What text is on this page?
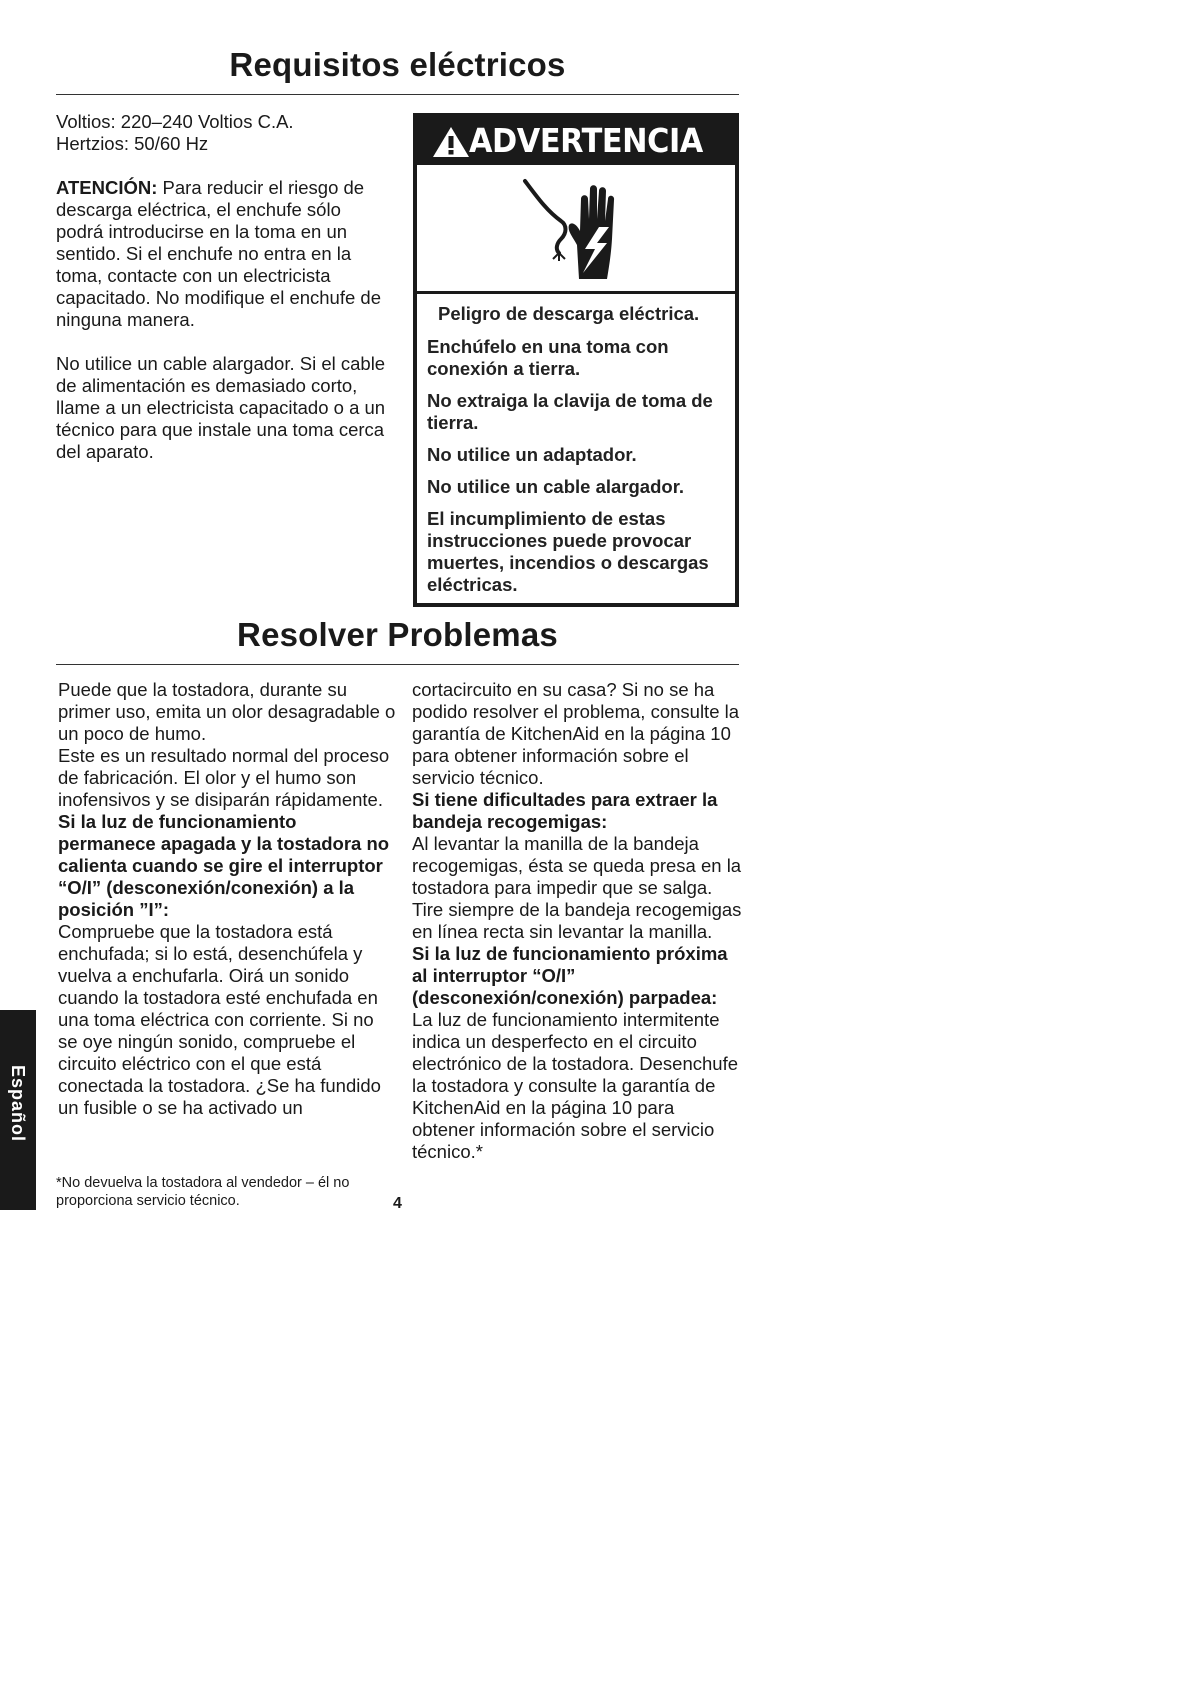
Requisitos eléctricos

Voltios: 220–240 Voltios C.A.

Hertzios: 50/60 Hz

ATENCIÓN: Para reducir el riesgo de descarga eléctrica, el enchufe sólo podrá introducirse en la toma en un sentido. Si el enchufe no entra en la toma, contacte con un electricista capacitado. No modifique el enchufe de ninguna manera.

No utilice un cable alargador. Si el cable de alimentación es demasiado corto, llame a un electricista capacitado o a un técnico para que instale una toma cerca del aparato.

ADVERTENCIA

Peligro de descarga eléctrica.

Enchúfelo en una toma con conexión a tierra.

No extraiga la clavija de toma de tierra.

No utilice un adaptador.

No utilice un cable alargador.

El incumplimiento de estas instrucciones puede provocar muertes, incendios o descargas eléctricas.

Resolver Problemas

Puede que la tostadora, durante su primer uso, emita un olor desagradable o un poco de humo.

Este es un resultado normal del proceso de fabricación. El olor y el humo son inofensivos y se disiparán rápidamente.

Si la luz de funcionamiento permanece apagada y la tostadora no calienta cuando se gire el interruptor “O/I” (desconexión/conexión) a la posición ”I”:

Compruebe que la tostadora está enchufada; si lo está, desenchúfela y vuelva a enchufarla. Oirá un sonido cuando la tostadora esté enchufada en una toma eléctrica con corriente. Si no se oye ningún sonido, compruebe el circuito eléctrico con el que está conectada la tostadora. ¿Se ha fundido un fusible o se ha activado un

cortacircuito en su casa? Si no se ha podido resolver el problema, consulte la garantía de KitchenAid en la página 10 para obtener información sobre el servicio técnico.

Si tiene dificultades para extraer la bandeja recogemigas:

Al levantar la manilla de la bandeja recogemigas, ésta se queda presa en la tostadora para impedir que se salga. Tire siempre de la bandeja recogemigas en línea recta sin levantar la manilla.

Si la luz de funcionamiento próxima al interruptor “O/I” (desconexión/conexión) parpadea:

La luz de funcionamiento intermitente indica un desperfecto en el circuito electrónico de la tostadora. Desenchufe la tostadora y consulte la garantía de KitchenAid en la página 10 para obtener información sobre el servicio técnico.*

*No devuelva la tostadora al vendedor – él no proporciona servicio técnico.	4
Español
